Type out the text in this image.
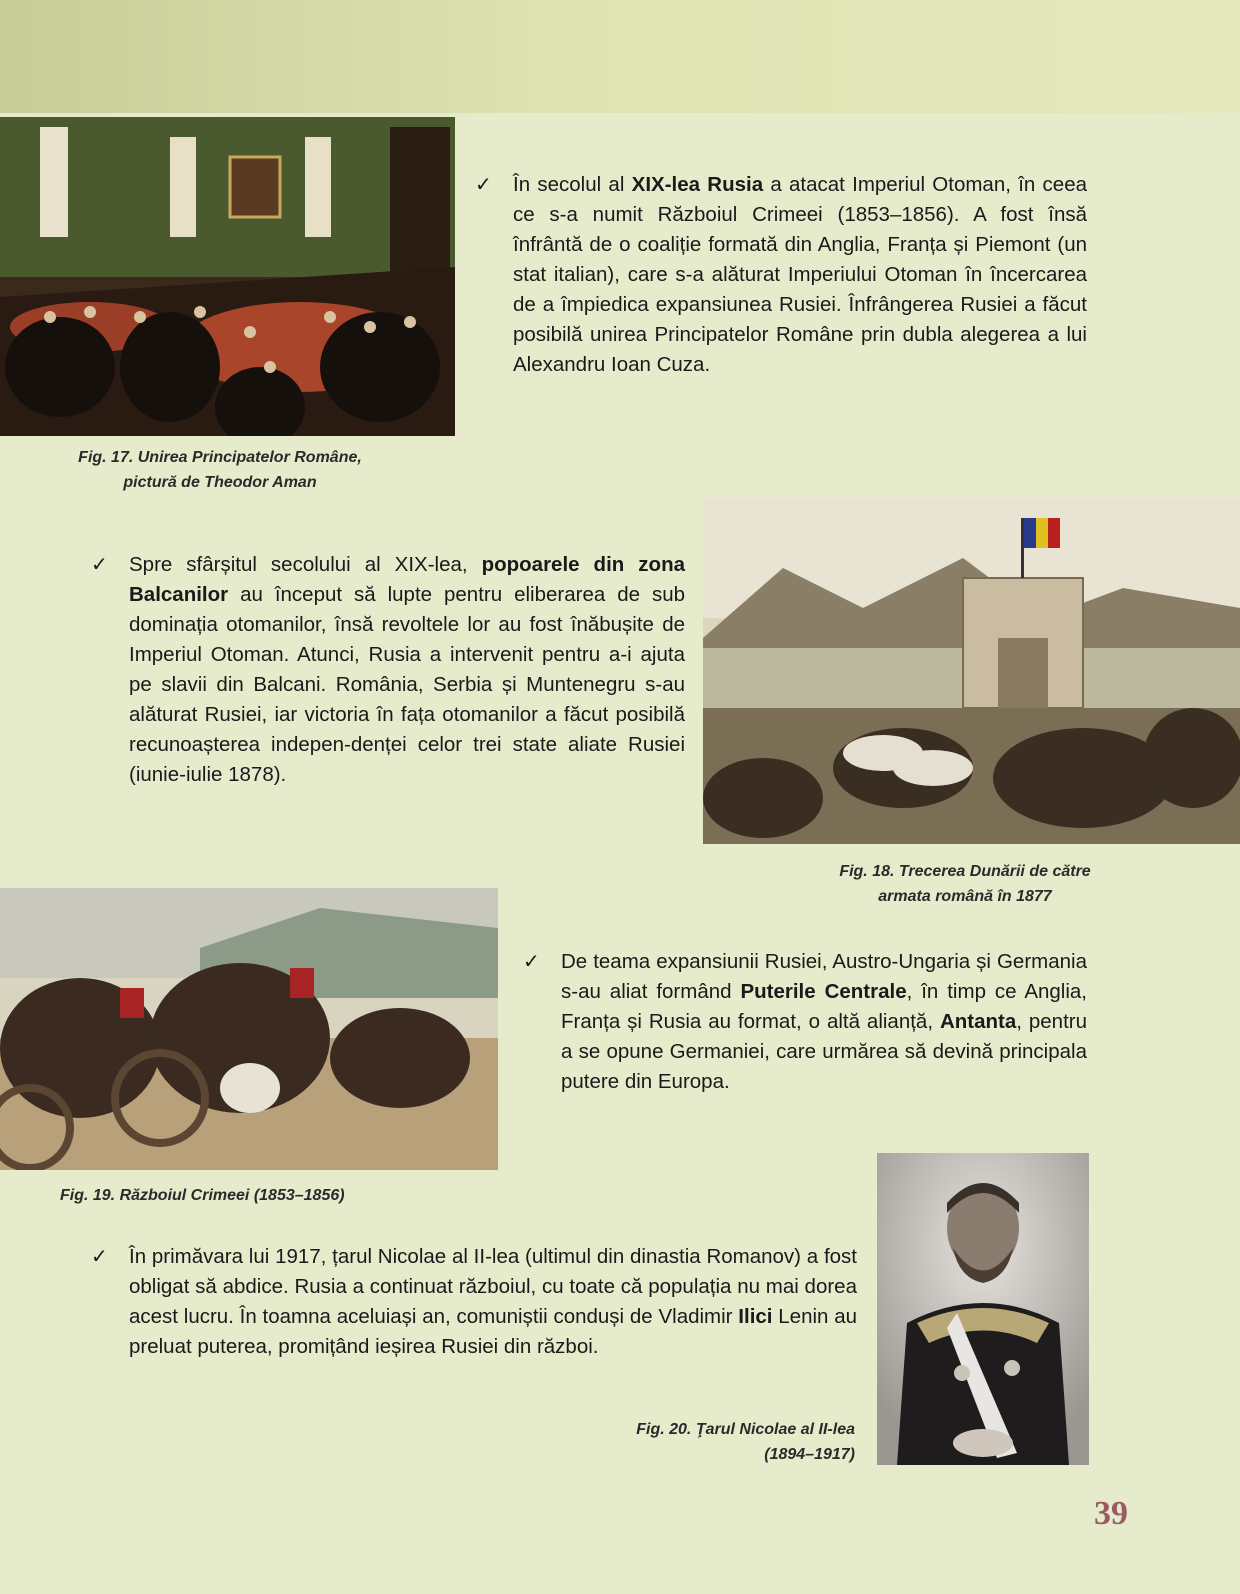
Fig. 17. Unirea Principatelor Române,
pictură de Theodor Aman
✓ În secolul al XIX-lea Rusia a atacat Imperiul Otoman, în ceea ce s-a numit Războiul Crimeei (1853–1856). A fost însă înfrântă de o coaliție formată din Anglia, Franța și Piemont (un stat italian), care s-a alăturat Imperiului Otoman în încercarea de a împiedica expansiunea Rusiei. Înfrângerea Rusiei a făcut posibilă unirea Principatelor Române prin dubla alegerea a lui Alexandru Ioan Cuza.
Fig. 18. Trecerea Dunării de către
armata română în 1877
✓ Spre sfârșitul secolului al XIX-lea, popoarele din zona Balcanilor au început să lupte pentru eliberarea de sub dominația otomanilor, însă revoltele lor au fost înăbușite de Imperiul Otoman. Atunci, Rusia a intervenit pentru a-i ajuta pe slavii din Balcani. România, Serbia și Muntenegru s-au alăturat Rusiei, iar victoria în fața otomanilor a făcut posibilă recunoașterea indepen-denței celor trei state aliate Rusiei (iunie-iulie 1878).
Fig. 19. Războiul Crimeei (1853–1856)
✓ De teama expansiunii Rusiei, Austro-Ungaria și Germania s-au aliat formând Puterile Centrale, în timp ce Anglia, Franța și Rusia au format, o altă alianță, Antanta, pentru a se opune Germaniei, care urmărea să devină principala putere din Europa.
Fig. 20. Ţarul Nicolae al II-lea
(1894–1917)
✓ În primăvara lui 1917, țarul Nicolae al II-lea (ultimul din dinastia Romanov) a fost obligat să abdice. Rusia a continuat războiul, cu toate că populația nu mai dorea acest lucru. În toamna aceluiași an, comuniștii conduși de Vladimir Ilici Lenin au preluat puterea, promițând ieșirea Rusiei din război.
39
